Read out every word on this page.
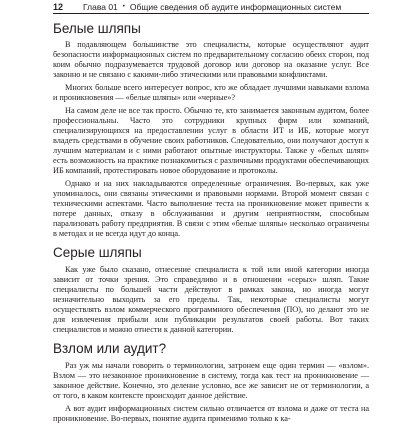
12	Глава 01 • Общие сведения об аудите информационных систем
Белые шляпы

В подавляющем большинстве это специалисты, которые осуществляют аудит безопасности информационных систем по предварительному согласию обеих сторон, под коим обычно подразумевается трудовой договор или договор на оказание услуг. Все законно и не связано с какими-либо этическими или правовыми конфликтами.

Многих больше всего интересует вопрос, кто же обладает лучшими навыками взлома и проникновения — «белые шляпы» или «черные»?

На самом деле не все так просто. Обычно те, кто занимается законным аудитом, более профессиональны. Часто это сотрудники крупных фирм или компаний, специализирующихся на предоставлении услуг в области ИТ и ИБ, которые могут владеть средствами в обучение своих работников. Следовательно, они получают доступ к лучшим материалам и с ними работают опытные инструкторы. Также у «белых шляп» есть возможность на практике познакомиться с различными продуктами обеспечивающих ИБ компаний, протестировать новое оборудование и протоколы.

Однако и на них накладываются определенные ограничения. Во-первых, как уже упоминалось, они связаны этическими и правовыми нормами. Второй момент связан с техническими аспектами. Часто выполнение теста на проникновение может привести к потере данных, отказу в обслуживании и другим неприятностям, способным парализовать работу предприятия. В связи с этим «белые шляпы» несколько ограничены в методах и не всегда идут до конца.

Серые шляпы

Как уже было сказано, отнесение специалиста к той или иной категории иногда зависит от точки зрения. Это справедливо и в отношении «серых» шляп. Такие специалисты по большей части действуют в рамках закона, но иногда могут незначительно выходить за его пределы. Так, некоторые специалисты могут осуществлять взлом коммерческого программного обеспечения (ПО), но делают это не для извлечения прибыли или публикации результатов своей работы. Вот таких специалистов и можно отнести к данной категории.

Взлом или аудит?

Раз уж мы начали говорить о терминологии, затронем еще один термин — «взлом». Взлом — это незаконное проникновение в систему, тогда как тест на проникновение — законное действие. Конечно, это деление условно, все же зависит не от терминологии, а от того, в каком контексте происходит данное действие.

А вот аудит информационных систем сильно отличается от взлома и даже от теста на проникновение. Во-первых, понятие аудита применимо только к ка-
